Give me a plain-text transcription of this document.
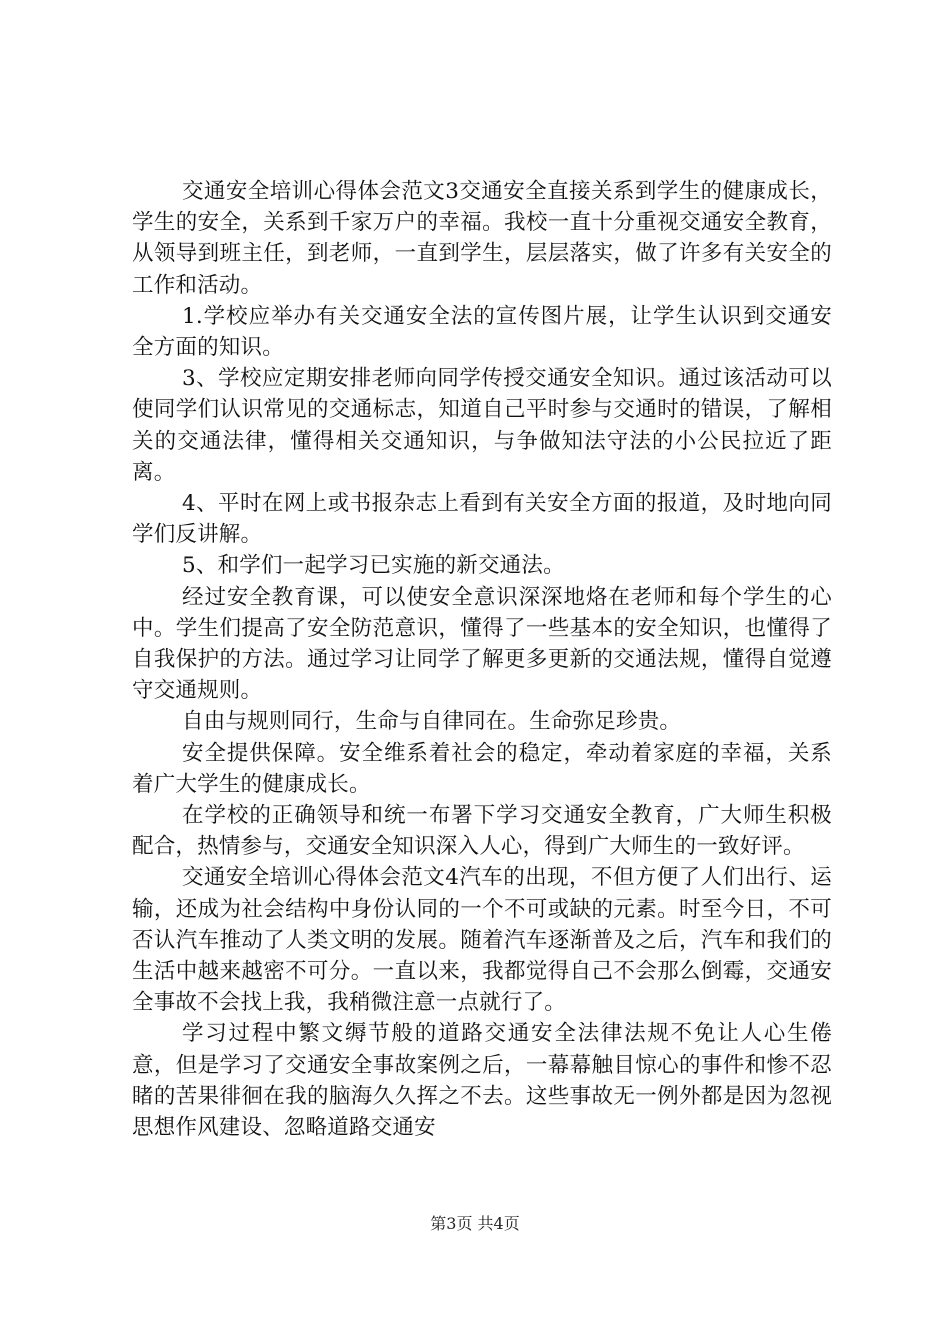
交通安全培训心得体会范文3交通安全直接关系到学生的健康成长，学生的安全，关系到千家万户的幸福。我校一直十分重视交通安全教育，从领导到班主任，到老师，一直到学生，层层落实，做了许多有关安全的工作和活动。

1.学校应举办有关交通安全法的宣传图片展，让学生认识到交通安全方面的知识。

3、学校应定期安排老师向同学传授交通安全知识。通过该活动可以使同学们认识常见的交通标志，知道自己平时参与交通时的错误，了解相关的交通法律，懂得相关交通知识，与争做知法守法的小公民拉近了距离。

4、平时在网上或书报杂志上看到有关安全方面的报道，及时地向同学们反讲解。

5、和学们一起学习已实施的新交通法。

经过安全教育课，可以使安全意识深深地烙在老师和每个学生的心中。学生们提高了安全防范意识，懂得了一些基本的安全知识，也懂得了自我保护的方法。通过学习让同学了解更多更新的交通法规，懂得自觉遵守交通规则。

自由与规则同行，生命与自律同在。生命弥足珍贵。

安全提供保障。安全维系着社会的稳定，牵动着家庭的幸福，关系着广大学生的健康成长。

在学校的正确领导和统一布署下学习交通安全教育，广大师生积极配合，热情参与，交通安全知识深入人心，得到广大师生的一致好评。

交通安全培训心得体会范文4汽车的出现，不但方便了人们出行、运输，还成为社会结构中身份认同的一个不可或缺的元素。时至今日，不可否认汽车推动了人类文明的发展。随着汽车逐渐普及之后，汽车和我们的生活中越来越密不可分。一直以来，我都觉得自己不会那么倒霉，交通安全事故不会找上我，我稍微注意一点就行了。

学习过程中繁文缛节般的道路交通安全法律法规不免让人心生倦意，但是学习了交通安全事故案例之后，一幕幕触目惊心的事件和惨不忍睹的苦果徘徊在我的脑海久久挥之不去。这些事故无一例外都是因为忽视思想作风建设、忽略道路交通安

第3页 共4页
